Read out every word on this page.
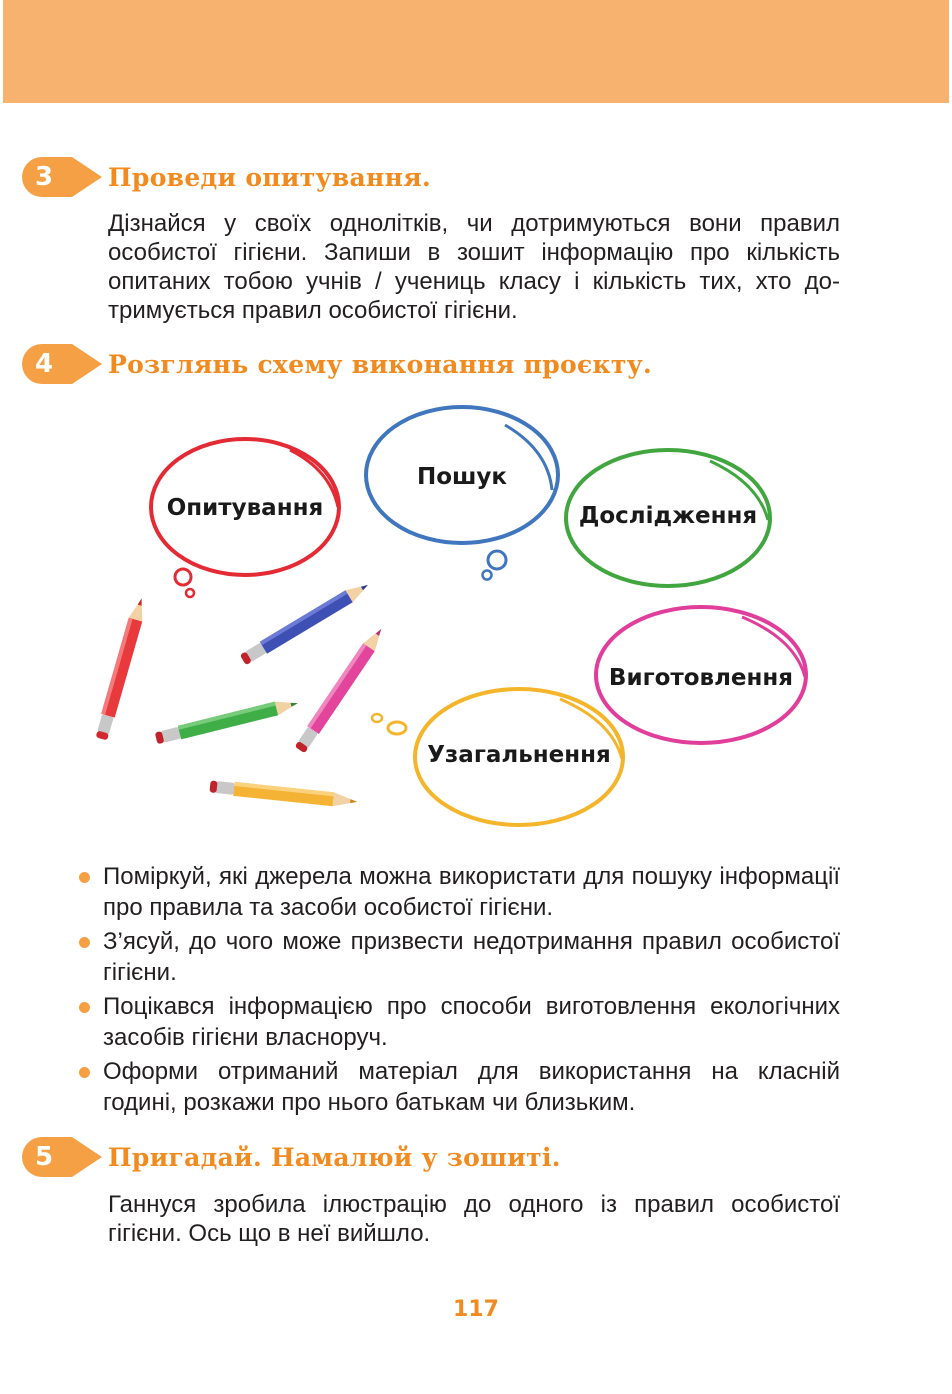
3	Проведи опитування.
Дізнайся у своїх однолітків, чи дотримуються вони правил особистої гігієни. Запиши в зошит інформацію про кількість опитаних тобою учнів / учениць класу і кількість тих, хто дотримується правил особистої гігієни.
4	Розглянь схему виконання проєкту.
Опитування
Пошук
Дослідження
Виготовлення
Узагальнення
Поміркуй, які джерела можна використати для пошуку інформації про правила та засоби особистої гігієни.
З’ясуй, до чого може призвести недотримання правил особистої гігієни.
Поцікався інформацією про способи виготовлення екологічних засобів гігієни власноруч.
Оформи отриманий матеріал для використання на класній годині, розкажи про нього батькам чи близьким.
5	Пригадай. Намалюй у зошиті.
Ганнуся зробила ілюстрацію до одного із правил особистої гігієни. Ось що в неї вийшло.
117
